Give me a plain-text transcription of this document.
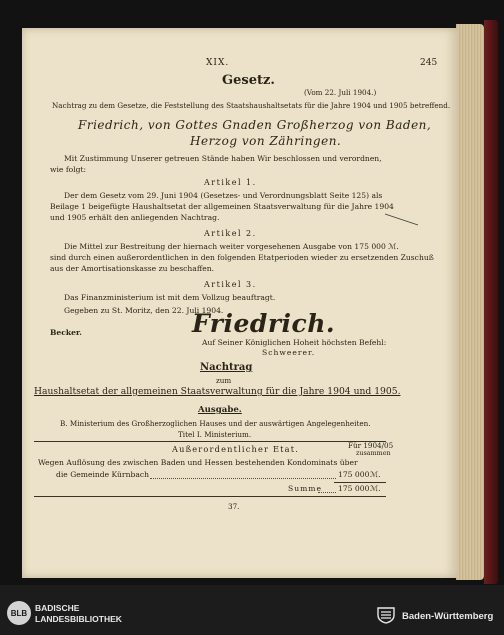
XIX.	245
Gesetz.
(Vom 22. Juli 1904.)
Nachtrag zu dem Gesetze, die Feststellung des Staatshaushaltsetats für die Jahre 1904 und 1905 betreffend.
Friedrich, von Gottes Gnaden Großherzog von Baden,
Herzog von Zähringen.
Mit Zustimmung Unserer getreuen Stände haben Wir beschlossen und verordnen,
wie folgt:
Artikel 1.
Der dem Gesetz vom 29. Juni 1904 (Gesetzes- und Verordnungsblatt Seite 125) als
Beilage 1 beigefügte Haushaltsetat der allgemeinen Staatsverwaltung für die Jahre 1904
und 1905 erhält den anliegenden Nachtrag.
Artikel 2.
Die Mittel zur Bestreitung der hiernach weiter vorgesehenen Ausgabe von 175 000 ℳ.
sind durch einen außerordentlichen in den folgenden Etatperioden wieder zu ersetzenden Zuschuß
aus der Amortisationskasse zu beschaffen.
Artikel 3.
Das Finanzministerium ist mit dem Vollzug beauftragt.
Gegeben zu St. Moritz, den 22. Juli 1904.
Friedrich.
Becker.
Auf Seiner Königlichen Hoheit höchsten Befehl:
Schweerer.
Nachtrag
zum
Haushaltsetat der allgemeinen Staatsverwaltung für die Jahre 1904 und 1905.
Ausgabe.
B. Ministerium des Großherzoglichen Hauses und der auswärtigen Angelegenheiten.
Titel I. Ministerium.
Außerordentlicher Etat.	Für 1904/05
zusammen
Wegen Auflösung des zwischen Baden und Hessen bestehenden Kondominats über
die Gemeinde Kürnbach	175 000 ℳ.
Summe 175 000 ℳ.
37.
BLB BADISCHE
LANDESBIBLIOTHEK	Baden-Württemberg
